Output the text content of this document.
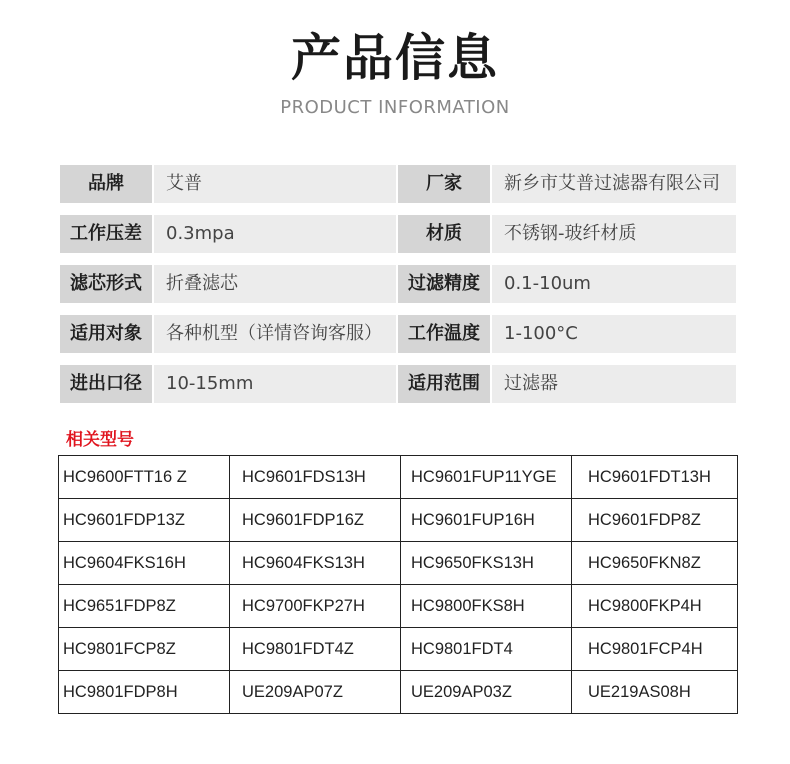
产品信息
PRODUCT INFORMATION
品牌	艾普	厂家	新乡市艾普过滤器有限公司
工作压差	0.3mpa	材质	不锈钢-玻纤材质
滤芯形式	折叠滤芯	过滤精度	0.1-10um
适用对象	各种机型（详情咨询客服）	工作温度	1-100°C
进出口径	10-15mm	适用范围	过滤器
相关型号
HC9600FTT16 Z	HC9601FDS13H	HC9601FUP11YGE	HC9601FDT13H
HC9601FDP13Z	HC9601FDP16Z	HC9601FUP16H	HC9601FDP8Z
HC9604FKS16H	HC9604FKS13H	HC9650FKS13H	HC9650FKN8Z
HC9651FDP8Z	HC9700FKP27H	HC9800FKS8H	HC9800FKP4H
HC9801FCP8Z	HC9801FDT4Z	HC9801FDT4	HC9801FCP4H
HC9801FDP8H	UE209AP07Z	UE209AP03Z	UE219AS08H
